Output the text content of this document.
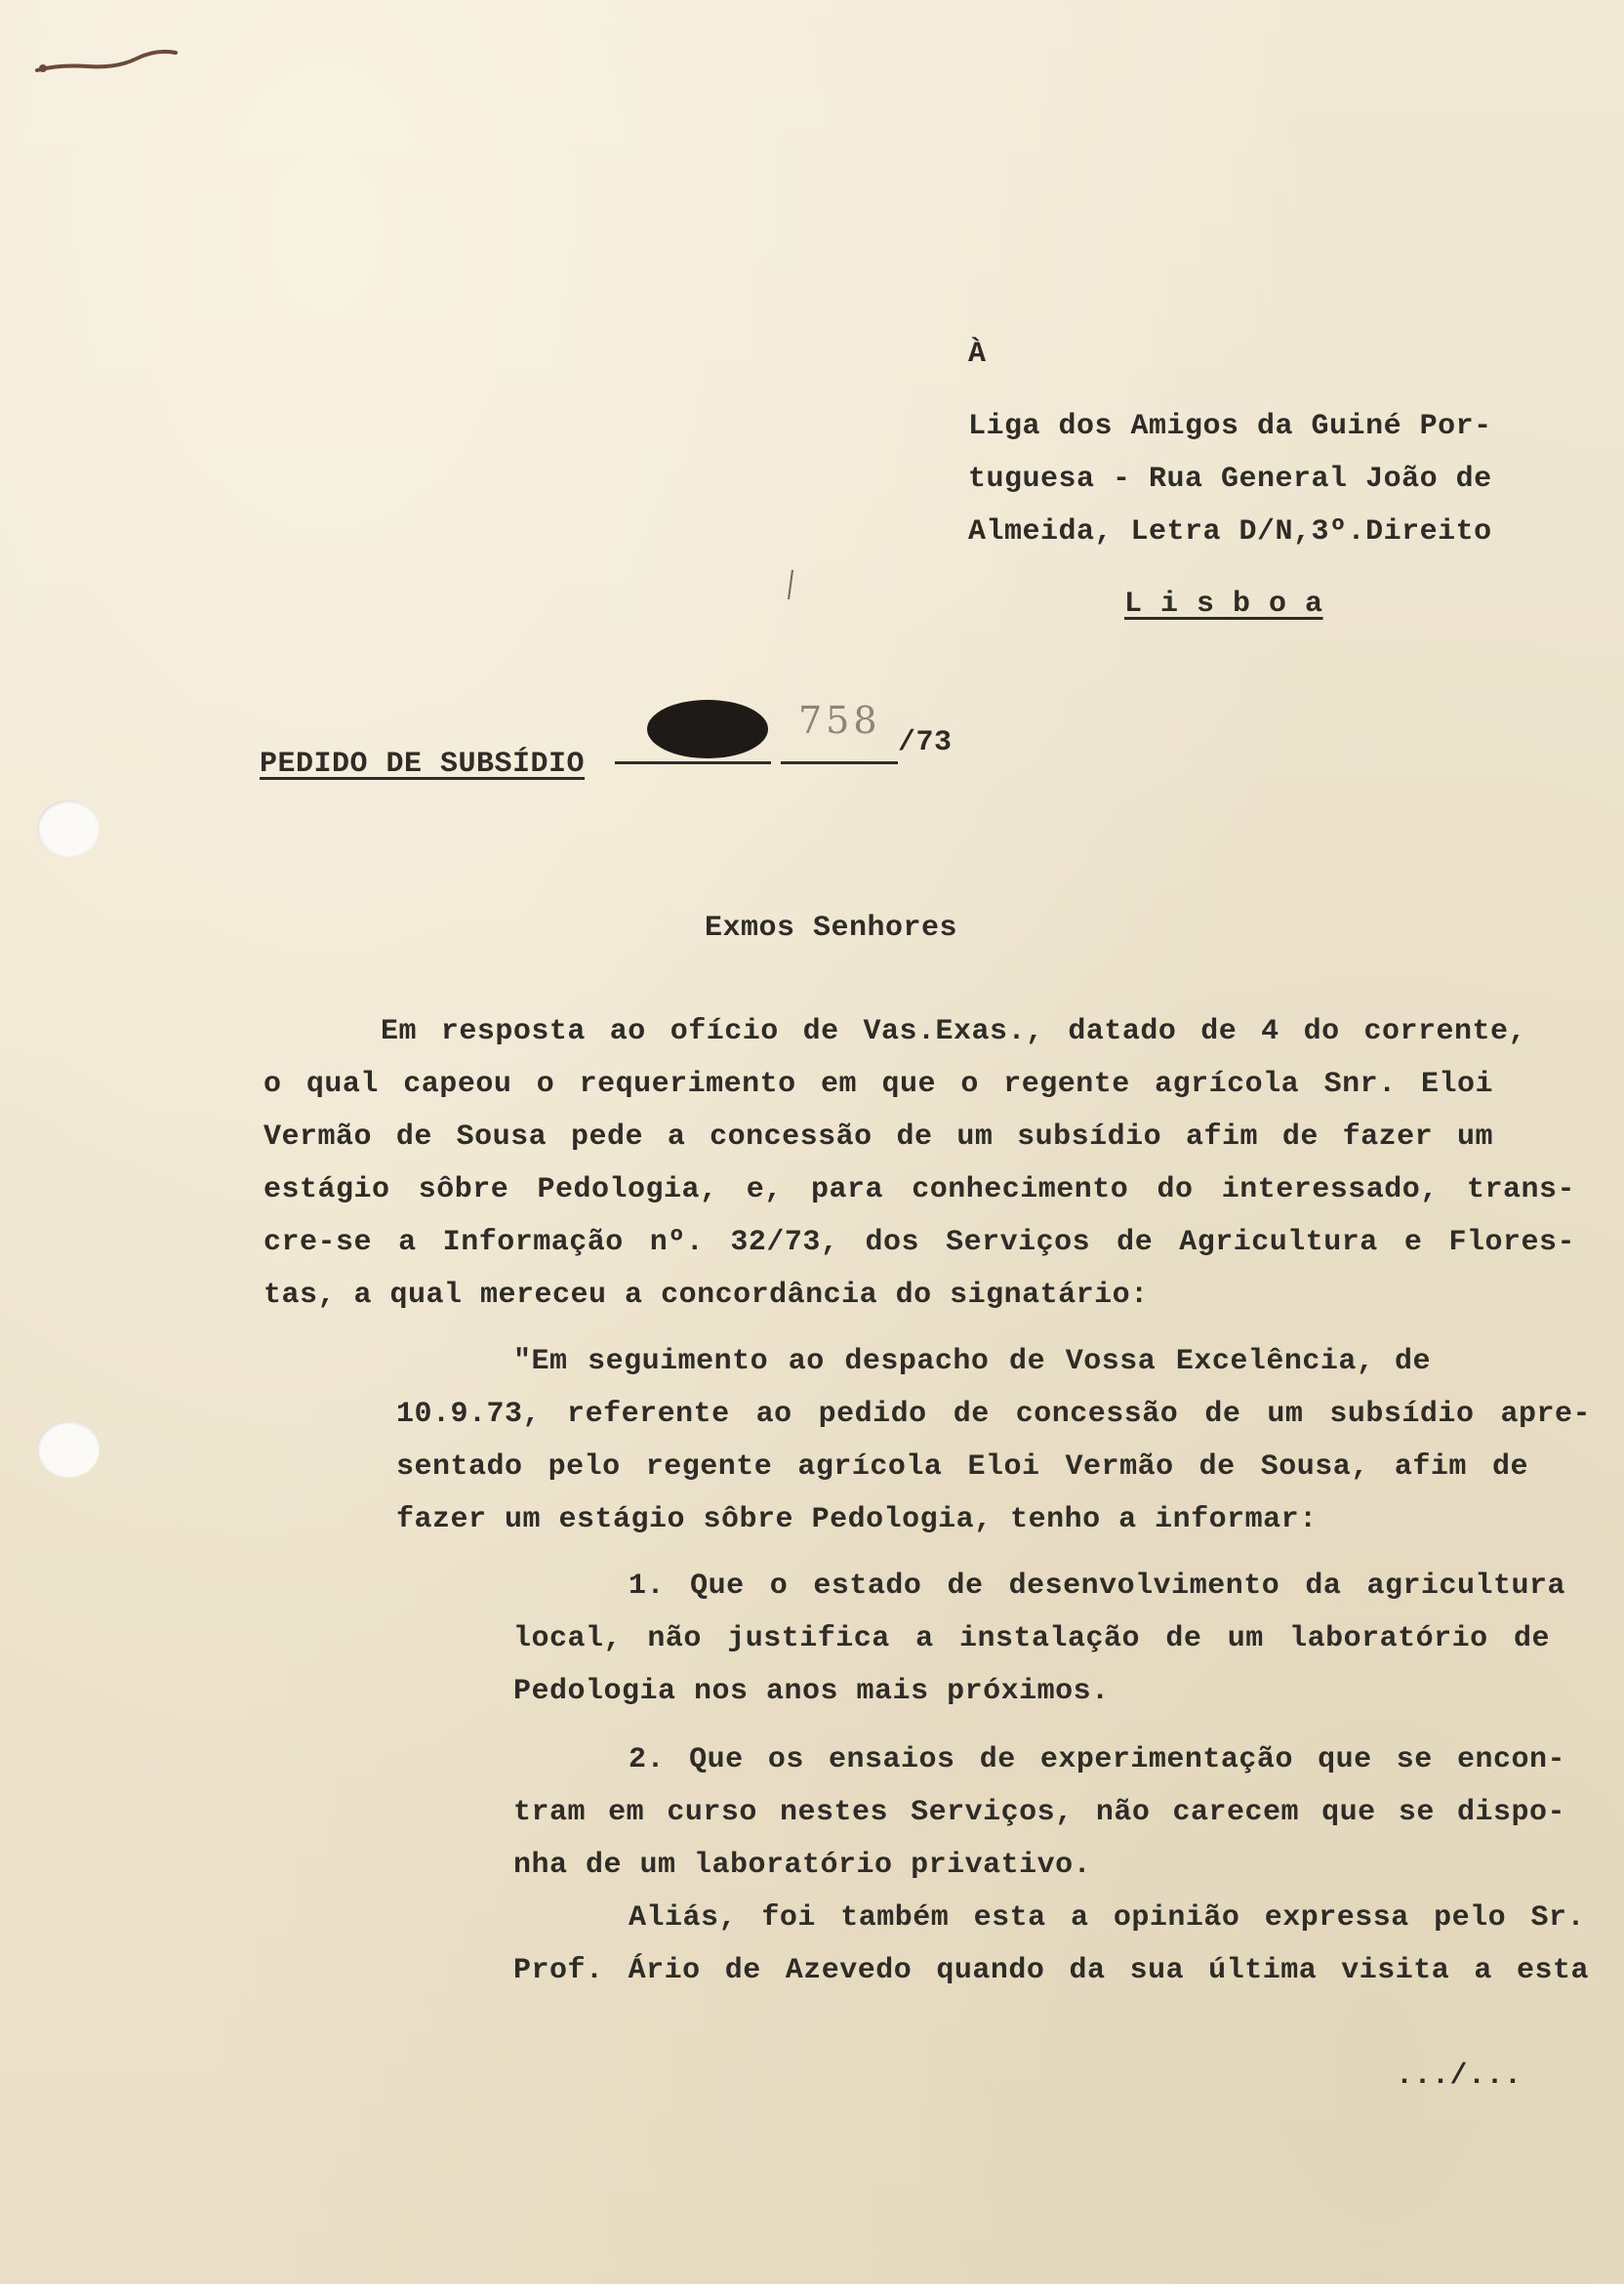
À
Liga dos Amigos da Guiné Por-
tuguesa - Rua General João de
Almeida, Letra D/N,3º.Direito
L i s b o a
PEDIDO DE SUBSÍDIO
758
/73
Exmos Senhores
Em resposta ao ofício de Vas.Exas., datado de 4 do corrente,
o qual capeou o requerimento em que o regente agrícola Snr. Eloi
Vermão de Sousa pede a concessão de um subsídio afim de fazer um
estágio sôbre Pedologia, e, para conhecimento do interessado, trans-
cre-se a Informação nº. 32/73, dos Serviços de Agricultura e Flores-
tas, a qual mereceu a concordância do signatário:
"Em seguimento ao despacho de Vossa Excelência, de
10.9.73, referente ao pedido de concessão de um subsídio apre-
sentado pelo regente agrícola Eloi Vermão de Sousa, afim de
fazer um estágio sôbre Pedologia, tenho a informar:
1. Que o estado de desenvolvimento da agricultura
local, não justifica a instalação de um laboratório de
Pedologia nos anos mais próximos.
2. Que os ensaios de experimentação que se encon-
tram em curso nestes Serviços, não carecem que se dispo-
nha de um laboratório privativo.
Aliás, foi também esta a opinião expressa pelo Sr.
Prof. Ário de Azevedo quando da sua última visita a esta
.../...
